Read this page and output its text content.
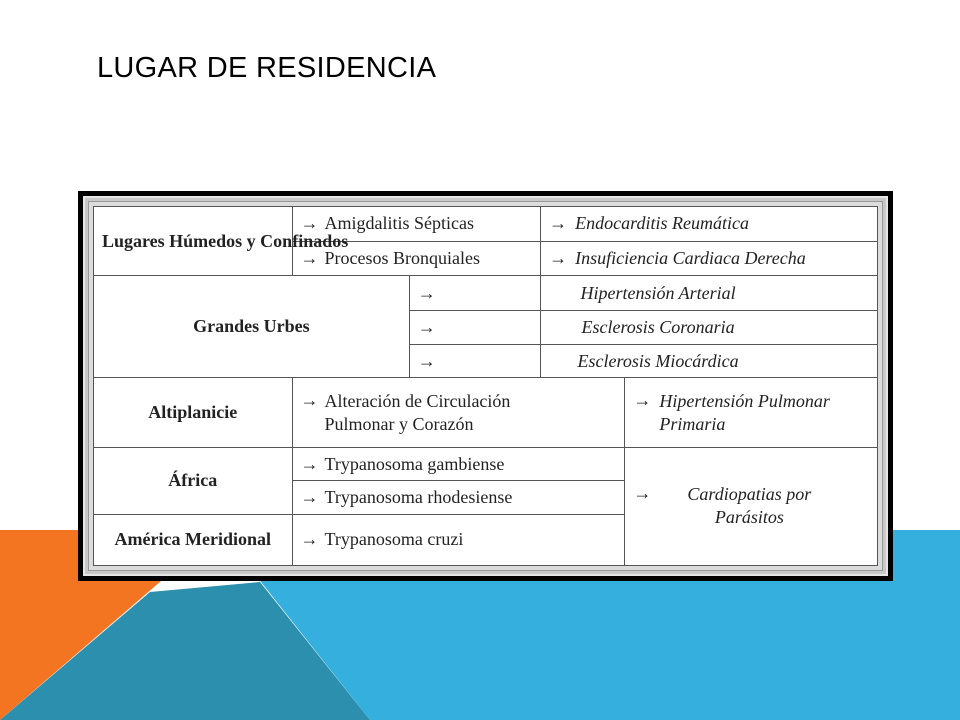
LUGAR DE RESIDENCIA
Lugares Húmedos y Confinados	→ Amigdalitis Sépticas		→ Endocarditis Reumática	
	→ Procesos Bronquiales		→ Insuficiencia Cardiaca Derecha	
Grandes Urbes		→	Hipertensión Arterial	
		→	Esclerosis Coronaria	
		→	Esclerosis Miocárdica	
Altiplanicie	→ Alteración de Circulación Pulmonar y Corazón			→ Hipertensión Pulmonar Primaria

África	→ Trypanosoma gambiense			→ Cardiopatias por Parásitos

	→ Trypanosoma rhodesiense			
América Meridional	→ Trypanosoma cruzi			
